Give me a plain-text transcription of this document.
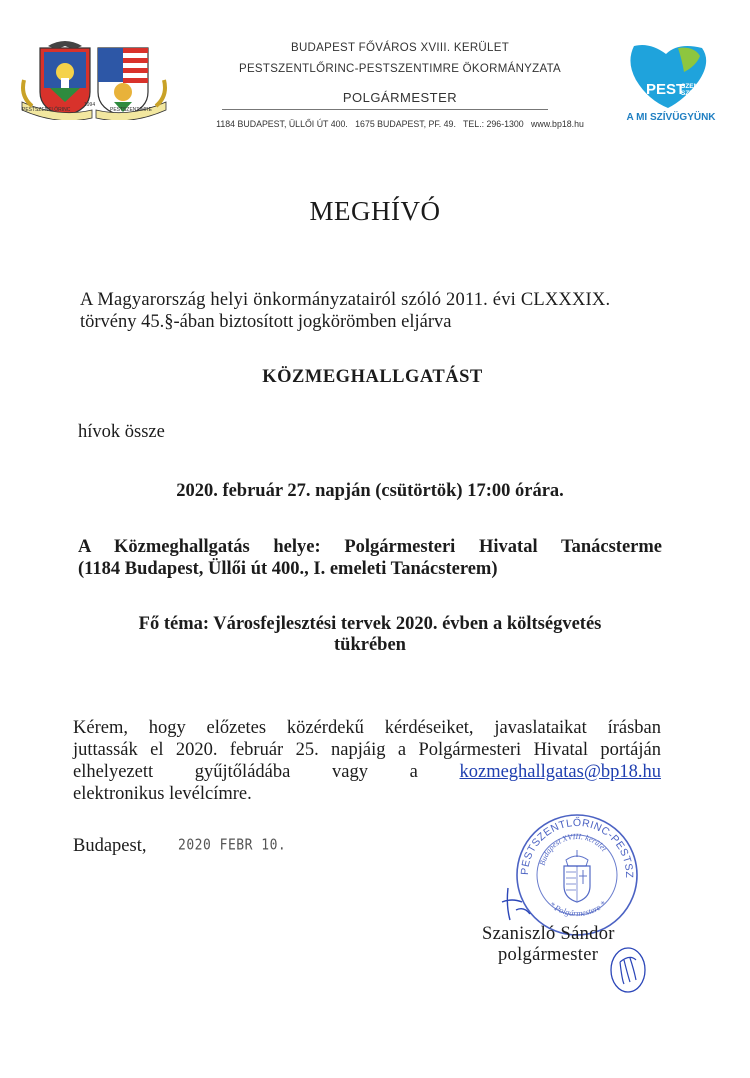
PESTSZENTLŐRINC
1994
PESTSZENTIMRE
BUDAPEST FŐVÁROS XVIII. KERÜLET
PESTSZENTLŐRINC-PESTSZENTIMRE ÖKORMÁNYZATA
POLGÁRMESTER
1184 BUDAPEST, ÜLLŐI ÚT 400.   1675 BUDAPEST, PF. 49.   TEL.: 296-1300   www.bp18.hu
PEST
SZENTLŐRINC
SZENTIMRE
A MI SZÍVÜGYÜNK
MEGHÍVÓ
A Magyarország helyi önkormányzatairól szóló 2011. évi CLXXXIX.
törvény 45.§-ában biztosított jogkörömben eljárva
KÖZMEGHALLGATÁST
hívok össze
2020. február 27. napján (csütörtök) 17:00 órára.
A Közmeghallgatás helye: Polgármesteri Hivatal Tanácsterme
(1184 Budapest, Üllői út 400., I. emeleti Tanácsterem)
Fő téma: Városfejlesztési tervek 2020. évben a költségvetés
tükrében
Kérem, hogy előzetes közérdekű kérdéseiket, javaslataikat írásban
juttassák el 2020. február 25. napjáig a Polgármesteri Hivatal portáján
elhelyezett gyűjtőládába vagy a kozmeghallgatas@bp18.hu
elektronikus levélcímre.
Budapest, 2020 FEBR 10.
PESTSZENTLŐRINC-PESTSZ
Budapest XVIII. kerület
* Polgármestere *
Szaniszló Sándor
polgármester
